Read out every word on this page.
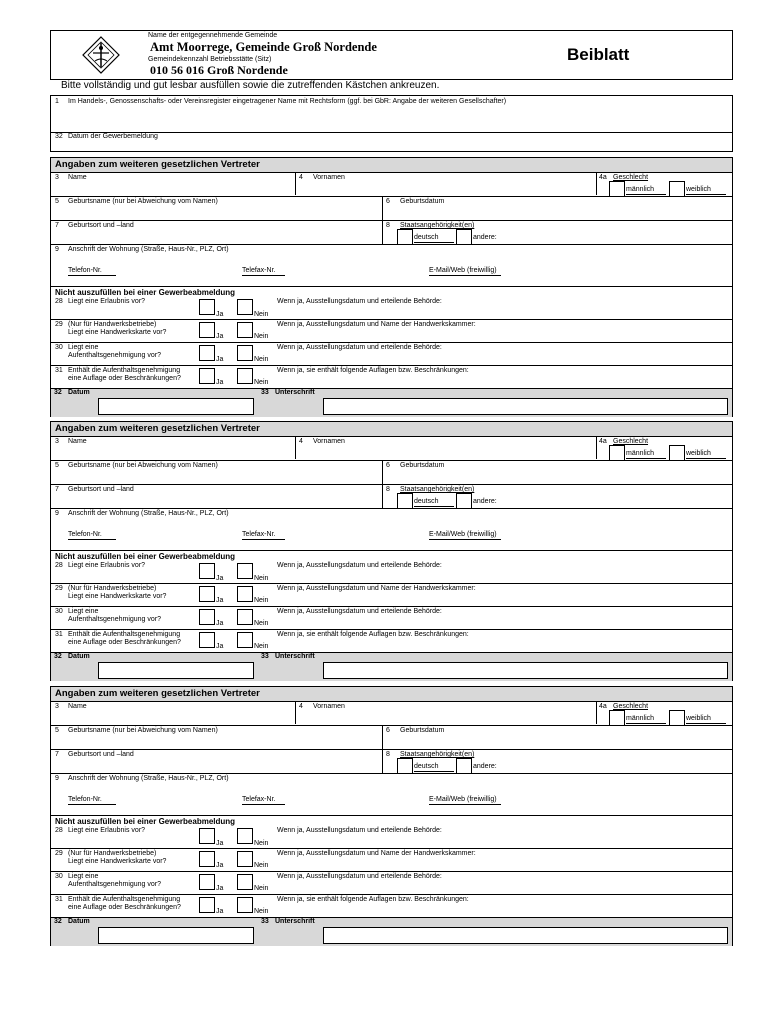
Name der entgegennehmende Gemeinde
Amt Moorrege, Gemeinde Groß Nordende
Gemeindekennzahl Betriebsstätte (Sitz)
010 56 016 Groß Nordende
Beiblatt
Bitte vollständig und gut lesbar ausfüllen sowie die zutreffenden Kästchen ankreuzen.
1 Im Handels-, Genossenschafts- oder Vereinsregister eingetragener Name mit Rechtsform (ggf. bei GbR: Angabe der weiteren Gesellschafter)
32 Datum der Gewerbemeldung
Angaben zum weiteren gesetzlichen Vertreter
3 Name	4 Vornamen	4a Geschlecht
männlich	weiblich
5 Geburtsname (nur bei Abweichung vom Namen)	6 Geburtsdatum
7 Geburtsort und –land	8 Staatsangehörigkeit(en)
deutsch	andere:
9 Anschrift der Wohnung (Straße, Haus-Nr., PLZ, Ort)
Telefon-Nr.	Telefax-Nr.	E-Mail/Web (freiwillig)
Nicht auszufüllen bei einer Gewerbeabmeldung
28 Liegt eine Erlaubnis vor?
Ja	Nein
Wenn ja, Ausstellungsdatum und erteilende Behörde:
29 (Nur für Handwerksbetriebe)
Liegt eine Handwerkskarte vor?
Ja	Nein
Wenn ja, Ausstellungsdatum und Name der Handwerkskammer:
30 Liegt eine
Aufenthaltsgenehmigung vor?
Ja	Nein
Wenn ja, Ausstellungsdatum und erteilende Behörde:
31 Enthält die Aufenthaltsgenehmigung
eine Auflage oder Beschränkungen?
Ja	Nein
Wenn ja, sie enthält folgende Auflagen bzw. Beschränkungen:
32 Datum	33 Unterschrift
Angaben zum weiteren gesetzlichen Vertreter
3 Name	4 Vornamen	4a Geschlecht
männlich	weiblich
5 Geburtsname (nur bei Abweichung vom Namen)	6 Geburtsdatum
7 Geburtsort und –land	8 Staatsangehörigkeit(en)
deutsch	andere:
9 Anschrift der Wohnung (Straße, Haus-Nr., PLZ, Ort)
Telefon-Nr.	Telefax-Nr.	E-Mail/Web (freiwillig)
Nicht auszufüllen bei einer Gewerbeabmeldung
28 Liegt eine Erlaubnis vor?
Ja	Nein
Wenn ja, Ausstellungsdatum und erteilende Behörde:
29 (Nur für Handwerksbetriebe)
Liegt eine Handwerkskarte vor?
Ja	Nein
Wenn ja, Ausstellungsdatum und Name der Handwerkskammer:
30 Liegt eine
Aufenthaltsgenehmigung vor?
Ja	Nein
Wenn ja, Ausstellungsdatum und erteilende Behörde:
31 Enthält die Aufenthaltsgenehmigung
eine Auflage oder Beschränkungen?
Ja	Nein
Wenn ja, sie enthält folgende Auflagen bzw. Beschränkungen:
32 Datum	33 Unterschrift
Angaben zum weiteren gesetzlichen Vertreter
3 Name	4 Vornamen	4a Geschlecht
männlich	weiblich
5 Geburtsname (nur bei Abweichung vom Namen)	6 Geburtsdatum
7 Geburtsort und –land	8 Staatsangehörigkeit(en)
deutsch	andere:
9 Anschrift der Wohnung (Straße, Haus-Nr., PLZ, Ort)
Telefon-Nr.	Telefax-Nr.	E-Mail/Web (freiwillig)
Nicht auszufüllen bei einer Gewerbeabmeldung
28 Liegt eine Erlaubnis vor?
Ja	Nein
Wenn ja, Ausstellungsdatum und erteilende Behörde:
29 (Nur für Handwerksbetriebe)
Liegt eine Handwerkskarte vor?
Ja	Nein
Wenn ja, Ausstellungsdatum und Name der Handwerkskammer:
30 Liegt eine
Aufenthaltsgenehmigung vor?
Ja	Nein
Wenn ja, Ausstellungsdatum und erteilende Behörde:
31 Enthält die Aufenthaltsgenehmigung
eine Auflage oder Beschränkungen?
Ja	Nein
Wenn ja, sie enthält folgende Auflagen bzw. Beschränkungen:
32 Datum	33 Unterschrift
